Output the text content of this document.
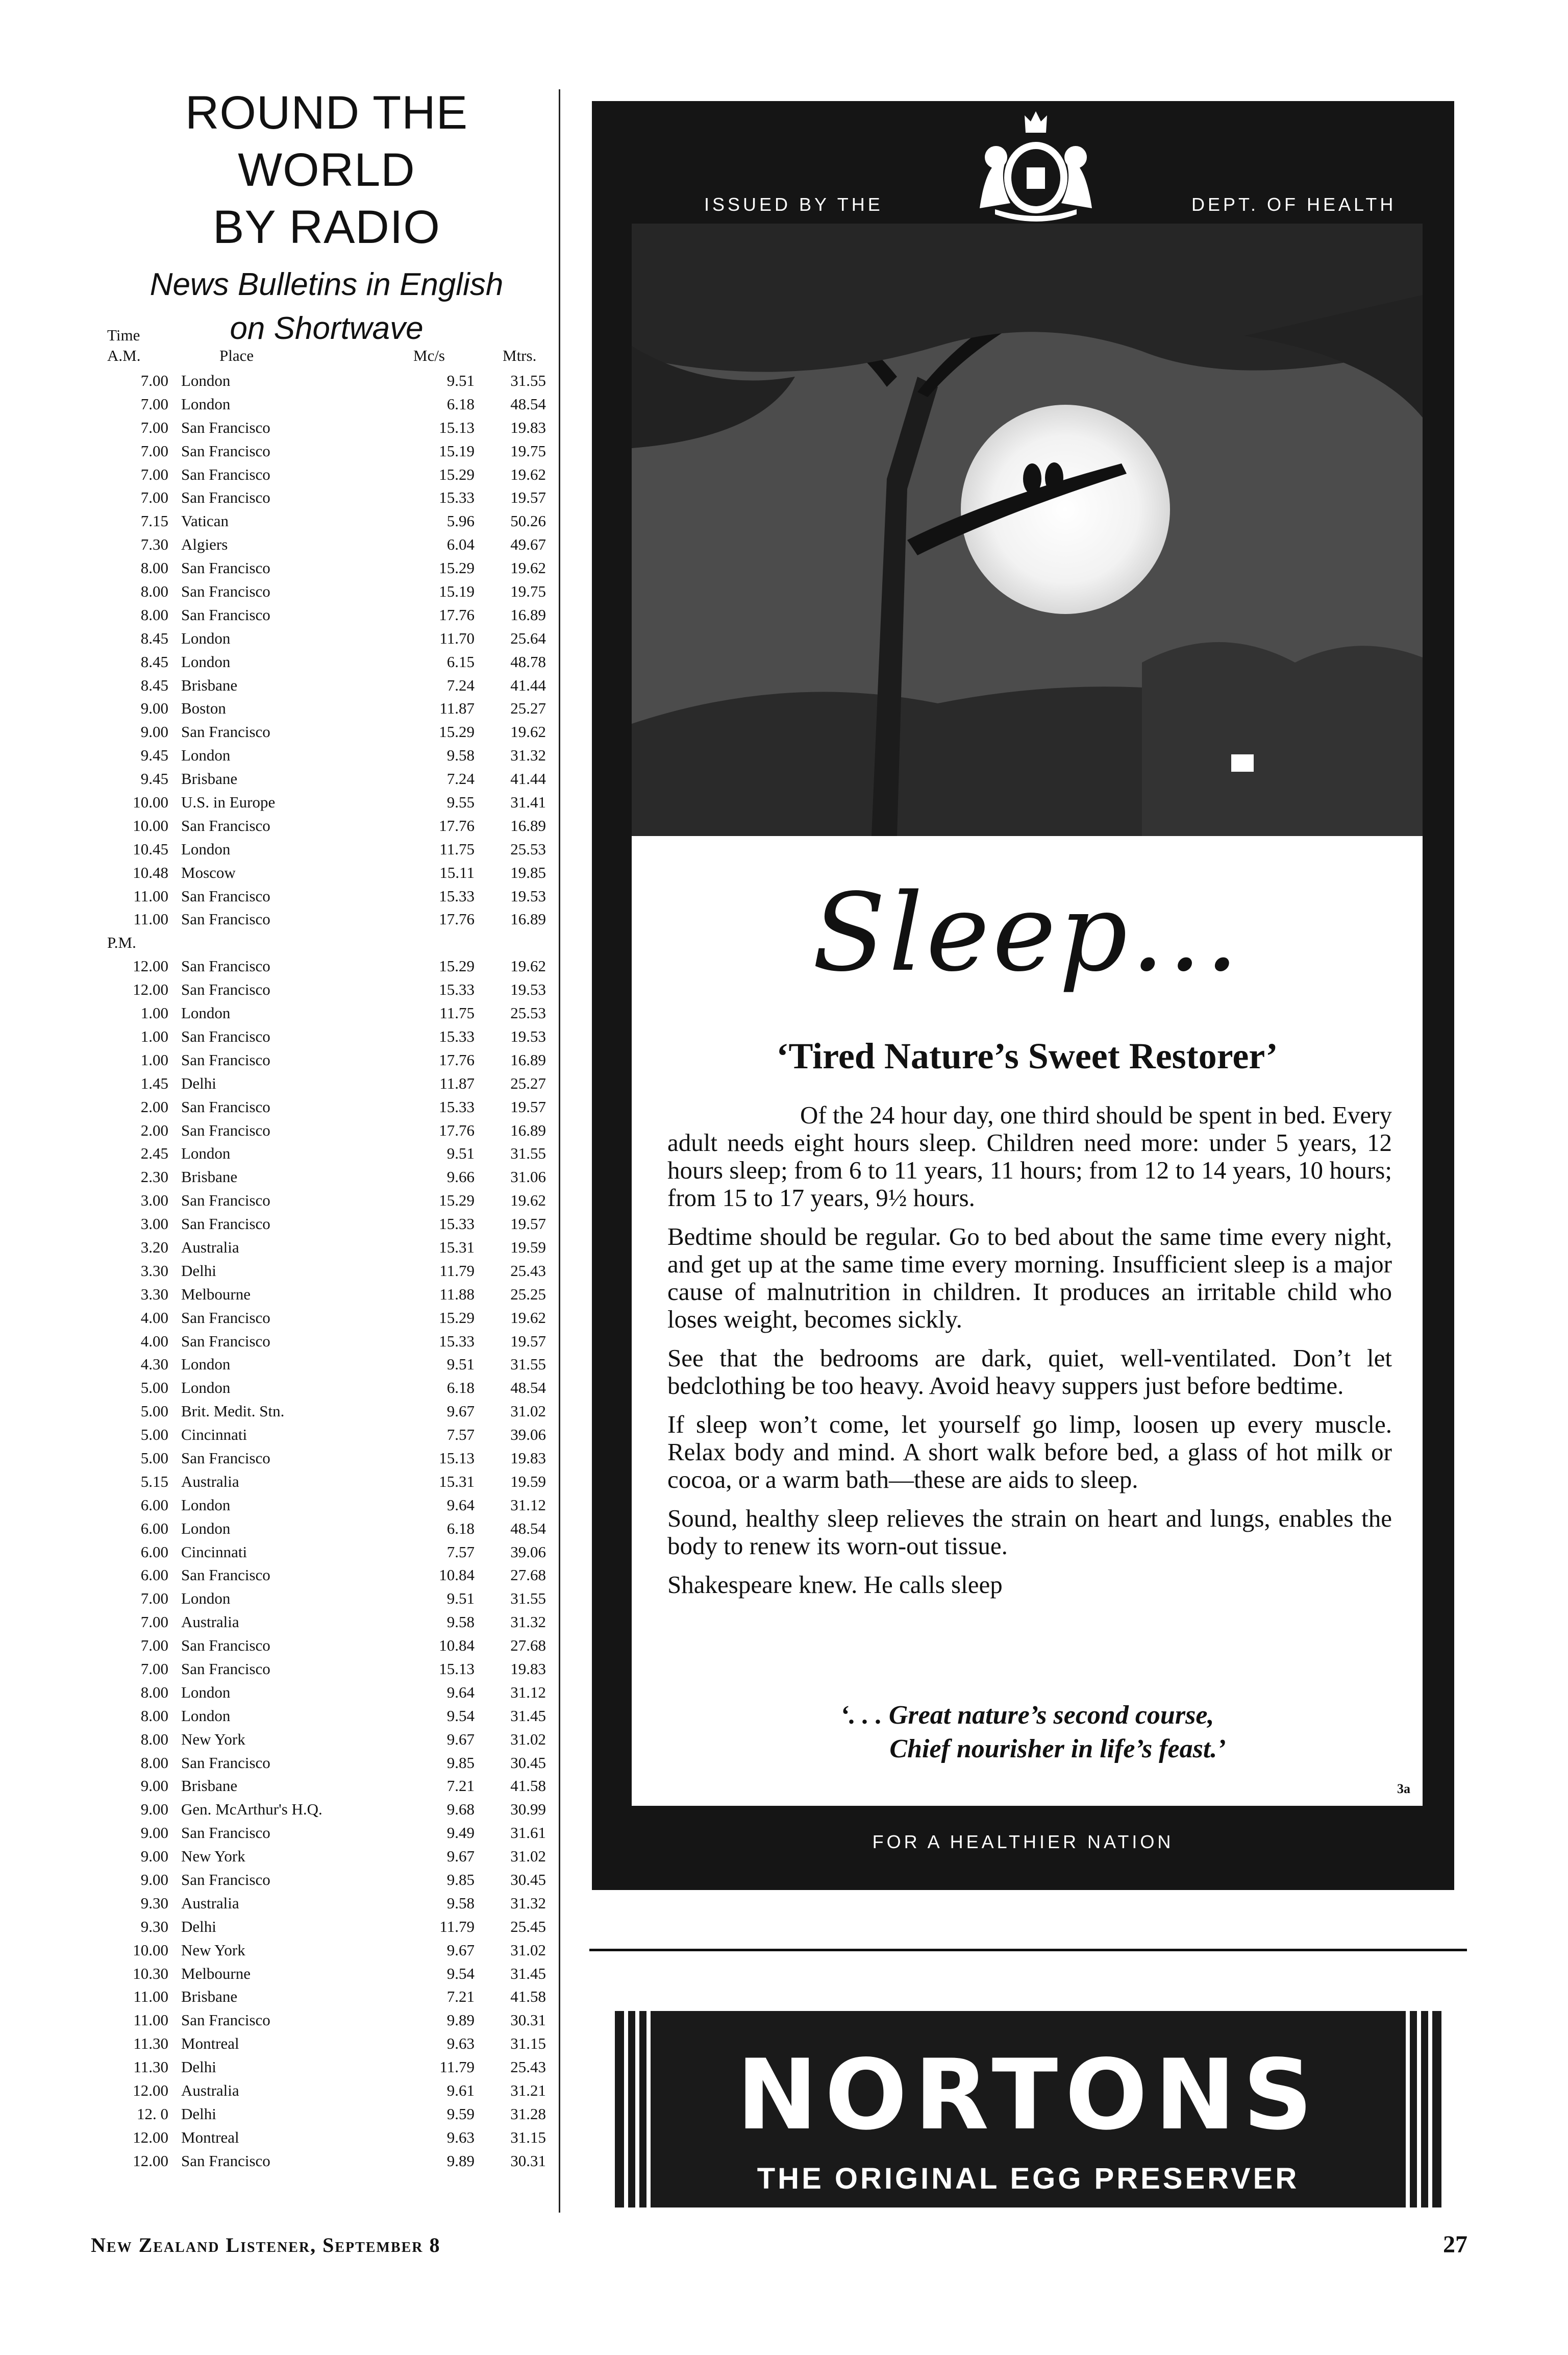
ROUND THE WORLD
BY RADIO
News Bulletins in English
on Shortwave
Time
A.M.	Place	Mc/s	Mtrs.
7.00 London	9.51	31.55
7.00 London	6.18	48.54
7.00 San Francisco	15.13	19.83
7.00 San Francisco	15.19	19.75
7.00 San Francisco	15.29	19.62
7.00 San Francisco	15.33	19.57
7.15 Vatican	5.96	50.26
7.30 Algiers	6.04	49.67
8.00 San Francisco	15.29	19.62
8.00 San Francisco	15.19	19.75
8.00 San Francisco	17.76	16.89
8.45 London	11.70	25.64
8.45 London	6.15	48.78
8.45 Brisbane	7.24	41.44
9.00 Boston	11.87	25.27
9.00 San Francisco	15.29	19.62
9.45 London	9.58	31.32
9.45 Brisbane	7.24	41.44
10.00 U.S. in Europe	9.55	31.41
10.00 San Francisco	17.76	16.89
10.45 London	11.75	25.53
10.48 Moscow	15.11	19.85
11.00 San Francisco	15.33	19.53
11.00 San Francisco	17.76	16.89
P.M.
12.00 San Francisco	15.29	19.62
12.00 San Francisco	15.33	19.53
1.00 London	11.75	25.53
1.00 San Francisco	15.33	19.53
1.00 San Francisco	17.76	16.89
1.45 Delhi	11.87	25.27
2.00 San Francisco	15.33	19.57
2.00 San Francisco	17.76	16.89
2.45 London	9.51	31.55
2.30 Brisbane	9.66	31.06
3.00 San Francisco	15.29	19.62
3.00 San Francisco	15.33	19.57
3.20 Australia	15.31	19.59
3.30 Delhi	11.79	25.43
3.30 Melbourne	11.88	25.25
4.00 San Francisco	15.29	19.62
4.00 San Francisco	15.33	19.57
4.30 London	9.51	31.55
5.00 London	6.18	48.54
5.00 Brit. Medit. Stn.	9.67	31.02
5.00 Cincinnati	7.57	39.06
5.00 San Francisco	15.13	19.83
5.15 Australia	15.31	19.59
6.00 London	9.64	31.12
6.00 London	6.18	48.54
6.00 Cincinnati	7.57	39.06
6.00 San Francisco	10.84	27.68
7.00 London	9.51	31.55
7.00 Australia	9.58	31.32
7.00 San Francisco	10.84	27.68
7.00 San Francisco	15.13	19.83
8.00 London	9.64	31.12
8.00 London	9.54	31.45
8.00 New York	9.67	31.02
8.00 San Francisco	9.85	30.45
9.00 Brisbane	7.21	41.58
9.00 Gen. McArthur's H.Q.	9.68	30.99
9.00 San Francisco	9.49	31.61
9.00 New York	9.67	31.02
9.00 San Francisco	9.85	30.45
9.30 Australia	9.58	31.32
9.30 Delhi	11.79	25.45
10.00 New York	9.67	31.02
10.30 Melbourne	9.54	31.45
11.00 Brisbane	7.21	41.58
11.00 San Francisco	9.89	30.31
11.30 Montreal	9.63	31.15
11.30 Delhi	11.79	25.43
12.00 Australia	9.61	31.21
12. 0 Delhi	9.59	31.28
12.00 Montreal	9.63	31.15
12.00 San Francisco	9.89	30.31
ISSUED BY THE	DEPT. OF HEALTH
Sleep...
‘Tired Nature’s Sweet Restorer’

Of the 24 hour day, one third should be spent in bed. Every adult needs eight hours sleep. Children need more: under 5 years, 12 hours sleep; from 6 to 11 years, 11 hours; from 12 to 14 years, 10 hours; from 15 to 17 years, 9½ hours.

Bedtime should be regular. Go to bed about the same time every night, and get up at the same time every morning. Insufficient sleep is a major cause of malnutrition in children. It produces an irritable child who loses weight, becomes sickly.

See that the bedrooms are dark, quiet, well-ventilated. Don’t let bedclothing be too heavy. Avoid heavy suppers just before bedtime.

If sleep won’t come, let yourself go limp, loosen up every muscle. Relax body and mind. A short walk before bed, a glass of hot milk or cocoa, or a warm bath—these are aids to sleep.

Sound, healthy sleep relieves the strain on heart and lungs, enables the body to renew its worn-out tissue.

Shakespeare knew. He calls sleep

‘. . . Great nature’s second course,
Chief nourisher in life’s feast.’
3a
FOR A HEALTHIER NATION
NORTONS
THE ORIGINAL EGG PRESERVER
New Zealand Listener, September 8	27
